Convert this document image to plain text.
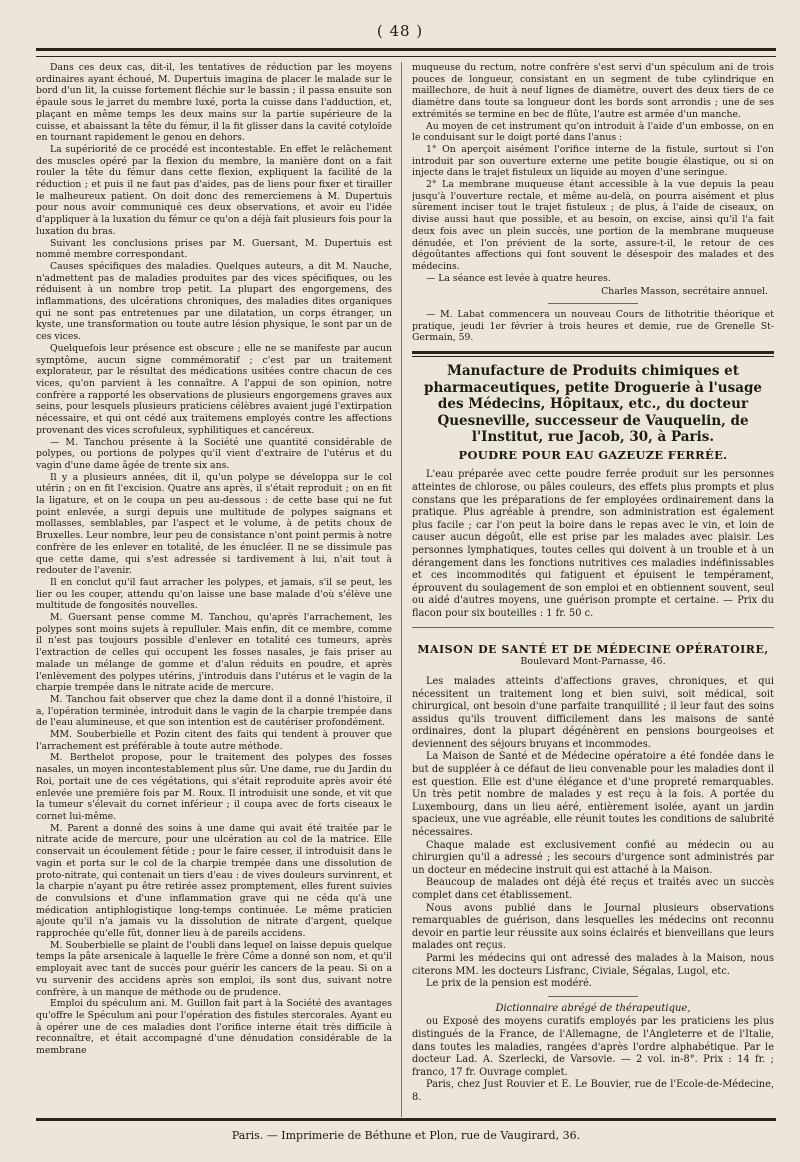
( 48 )

Dans ces deux cas, dit-il, les tentatives de réduction par les moyens ordinaires ayant échoué, M. Dupertuis imagina de placer le malade sur le bord d'un lit, la cuisse fortement fléchie sur le bassin ; il passa ensuite son épaule sous le jarret du membre luxé, porta la cuisse dans l'adduction, et, plaçant en même temps les deux mains sur la partie supérieure de la cuisse, et abaissant la tête du fémur, il la fit glisser dans la cavité cotyloïde en tournant rapidement le genou en dehors.

La supériorité de ce procédé est incontestable. En effet le relâchement des muscles opéré par la flexion du membre, la manière dont on a fait rouler la tête du fémur dans cette flexion, expliquent la facilité de la réduction ; et puis il ne faut pas d'aides, pas de liens pour fixer et tirailler le malheureux patient. On doit donc des remerciemens à M. Dupertuis pour nous avoir communiqué ces deux observations, et avoir eu l'idée d'appliquer à la luxation du fémur ce qu'on a déjà fait plusieurs fois pour la luxation du bras.

Suivant les conclusions prises par M. Guersant, M. Dupertuis est nommé membre correspondant.

Causes spécifiques des maladies. Quelques auteurs, a dit M. Nauche, n'admettent pas de maladies produites par des vices spécifiques, ou les réduisent à un nombre trop petit. La plupart des engorgemens, des inflammations, des ulcérations chroniques, des maladies dites organiques qui ne sont pas entretenues par une dilatation, un corps étranger, un kyste, une transformation ou toute autre lésion physique, le sont par un de ces vices.

Quelquefois leur présence est obscure ; elle ne se manifeste par aucun symptôme, aucun signe commémoratif ; c'est par un traitement explorateur, par le résultat des médications usitées contre chacun de ces vices, qu'on parvient à les connaître. A l'appui de son opinion, notre confrère a rapporté les observations de plusieurs engorgemens graves aux seins, pour lesquels plusieurs praticiens célèbres avaient jugé l'extirpation nécessaire, et qui ont cédé aux traitemens employés contre les affections provenant des vices scrofuleux, syphilitiques et cancéreux.

— M. Tanchou présente à la Société une quantité considérable de polypes, ou portions de polypes qu'il vient d'extraire de l'utérus et du vagin d'une dame âgée de trente six ans.

Il y a plusieurs années, dit il, qu'un polype se développa sur le col utérin ; on en fit l'excision. Quatre ans après, il s'était reproduit ; on en fit la ligature, et on le coupa un peu au-dessous : de cette base qui ne fut point enlevée, a surgi depuis une multitude de polypes saignans et mollasses, semblables, par l'aspect et le volume, à de petits choux de Bruxelles. Leur nombre, leur peu de consistance n'ont point permis à notre confrère de les enlever en totalité, de les énucléer. Il ne se dissimule pas que cette dame, qui s'est adressée si tardivement à lui, n'ait tout à redouter de l'avenir.

Il en conclut qu'il faut arracher les polypes, et jamais, s'il se peut, les lier ou les couper, attendu qu'on laisse une base malade d'où s'élève une multitude de fongosités nouvelles.

M. Guersant pense comme M. Tanchou, qu'après l'arrachement, les polypes sont moins sujets à repulluler. Mais enfin, dit ce membre, comme il n'est pas toujours possible d'enlever en totalité ces tumeurs, après l'extraction de celles qui occupent les fosses nasales, je fais priser au malade un mélange de gomme et d'alun réduits en poudre, et après l'enlèvement des polypes utérins, j'introduis dans l'utérus et le vagin de la charpie trempée dans le nitrate acide de mercure.

M. Tanchou fait observer que chez la dame dont il a donné l'histoire, il a, l'opération terminée, introduit dans le vagin de la charpie trempée dans de l'eau alumineuse, et que son intention est de cautériser profondément.

MM. Souberbielle et Pozin citent des faits qui tendent à prouver que l'arrachement est préférable à toute autre méthode.

M. Berthelot propose, pour le traitement des polypes des fosses nasales, un moyen incontestablement plus sûr. Une dame, rue du Jardin du Roi, portait une de ces végétations, qui s'était reproduite après avoir été enlevée une première fois par M. Roux. Il introduisit une sonde, et vit que la tumeur s'élevait du cornet inférieur ; il coupa avec de forts ciseaux le cornet lui-même.

M. Parent a donné des soins à une dame qui avait été traitée par le nitrate acide de mercure, pour une ulcération au col de la matrice. Elle conservait un écoulement fétide ; pour le faire cesser, il introduisit dans le vagin et porta sur le col de la charpie trempée dans une dissolution de proto-nitrate, qui contenait un tiers d'eau : de vives douleurs survinrent, et la charpie n'ayant pu être retirée assez promptement, elles furent suivies de convulsions et d'une inflammation grave qui ne céda qu'à une médication antiphlogistique long-temps continuée. Le même praticien ajoute qu'il n'a jamais vu la dissolution de nitrate d'argent, quelque rapprochée qu'elle fût, donner lieu à de pareils accidens.

M. Souberbielle se plaint de l'oubli dans lequel on laisse depuis quelque temps la pâte arsenicale à laquelle le frère Côme a donné son nom, et qu'il employait avec tant de succès pour guérir les cancers de la peau. Si on a vu survenir des accidens après son emploi, ils sont dus, suivant notre confrère, à un manque de méthode ou de prudence.

Emploi du spéculum ani. M. Guillon fait part à la Société des avantages qu'offre le Spéculum ani pour l'opération des fistules stercorales. Ayant eu à opérer une de ces maladies dont l'orifice interne était très difficile à reconnaître, et était accompagné d'une dénudation considérable de la membrane

muqueuse du rectum, notre confrère s'est servi d'un spéculum ani de trois pouces de longueur, consistant en un segment de tube cylindrique en maillechore, de huit à neuf lignes de diamètre, ouvert des deux tiers de ce diamètre dans toute sa longueur dont les bords sont arrondis ; une de ses extrémités se termine en bec de flûte, l'autre est armée d'un manche.

Au moyen de cet instrument qu'on introduit à l'aide d'un embosse, on en le conduisant sur le doigt porté dans l'anus :

1° On aperçoit aisément l'orifice interne de la fistule, surtout si l'on introduit par son ouverture externe une petite bougie élastique, ou si on injecte dans le trajet fistuleux un liquide au moyen d'une seringue.

2° La membrane muqueuse étant accessible à la vue depuis la peau jusqu'à l'ouverture rectale, et même au-delà, on pourra aisément et plus sûrement inciser tout le trajet fistuleux ; de plus, à l'aide de ciseaux, on divise aussi haut que possible, et au besoin, on excise, ainsi qu'il l'a fait deux fois avec un plein succès, une portion de la membrane muqueuse dénudée, et l'on prévient de la sorte, assure-t-il, le retour de ces dégoûtantes affections qui font souvent le désespoir des malades et des médecins.

— La séance est levée à quatre heures.

Charles Masson, secrétaire annuel.

— M. Labat commencera un nouveau Cours de lithotritie théorique et pratique, jeudi 1er février à trois heures et demie, rue de Grenelle St-Germain, 59.

Manufacture de Produits chimiques et pharmaceutiques, petite Droguerie à l'usage des Médecins, Hôpitaux, etc., du docteur Quesneville, successeur de Vauquelin, de l'Institut, rue Jacob, 30, à Paris.
POUDRE POUR EAU GAZEUZE FERRÉE.

L'eau préparée avec cette poudre ferrée produit sur les personnes atteintes de chlorose, ou pâles couleurs, des effets plus prompts et plus constans que les préparations de fer employées ordinairement dans la pratique. Plus agréable à prendre, son administration est également plus facile ; car l'on peut la boire dans le repas avec le vin, et loin de causer aucun dégoût, elle est prise par les malades avec plaisir. Les personnes lymphatiques, toutes celles qui doivent à un trouble et à un dérangement dans les fonctions nutritives ces maladies indéfinissables et ces incommodités qui fatiguent et épuisent le tempérament, éprouvent du soulagement de son emploi et en obtiennent souvent, seul ou aidé d'autres moyens, une guérison prompte et certaine. — Prix du flacon pour six bouteilles : 1 fr. 50 c.

MAISON DE SANTÉ ET DE MÉDECINE OPÉRATOIRE,
Boulevard Mont-Parnasse, 46.

Les malades atteints d'affections graves, chroniques, et qui nécessitent un traitement long et bien suivi, soit médical, soit chirurgical, ont besoin d'une parfaite tranquillité ; il leur faut des soins assidus qu'ils trouvent difficilement dans les maisons de santé ordinaires, dont la plupart dégénèrent en pensions bourgeoises et deviennent des séjours bruyans et incommodes.

La Maison de Santé et de Médecine opératoire a été fondée dans le but de suppléer à ce défaut de lieu convenable pour les maladies dont il est question. Elle est d'une élégance et d'une propreté remarquables. Un très petit nombre de malades y est reçu à la fois. A portée du Luxembourg, dans un lieu aéré, entièrement isolée, ayant un jardin spacieux, une vue agréable, elle réunit toutes les conditions de salubrité nécessaires.

Chaque malade est exclusivement confié au médecin ou au chirurgien qu'il a adressé ; les secours d'urgence sont administrés par un docteur en médecine instruit qui est attaché à la Maison.

Beaucoup de malades ont déjà été reçus et traités avec un succès complet dans cet établissement.

Nous avons publié dans le Journal plusieurs observations remarquables de guérison, dans lesquelles les médecins ont reconnu devoir en partie leur réussite aux soins éclairés et bienveillans que leurs malades ont reçus.

Parmi les médecins qui ont adressé des malades à la Maison, nous citerons MM. les docteurs Lisfranc, Civiale, Ségalas, Lugol, etc.

Le prix de la pension est modéré.

Dictionnaire abrégé de thérapeutique,

ou Exposé des moyens curatifs employés par les praticiens les plus distingués de la France, de l'Allemagne, de l'Angleterre et de l'Italie, dans toutes les maladies, rangées d'après l'ordre alphabétique. Par le docteur Lad. A. Szerlecki, de Varsovie. — 2 vol. in-8°. Prix : 14 fr. ; franco, 17 fr. Ouvrage complet.

Paris, chez Just Rouvier et E. Le Bouvier, rue de l'Ecole-de-Médecine, 8.

Paris. — Imprimerie de Béthune et Plon, rue de Vaugirard, 36.
